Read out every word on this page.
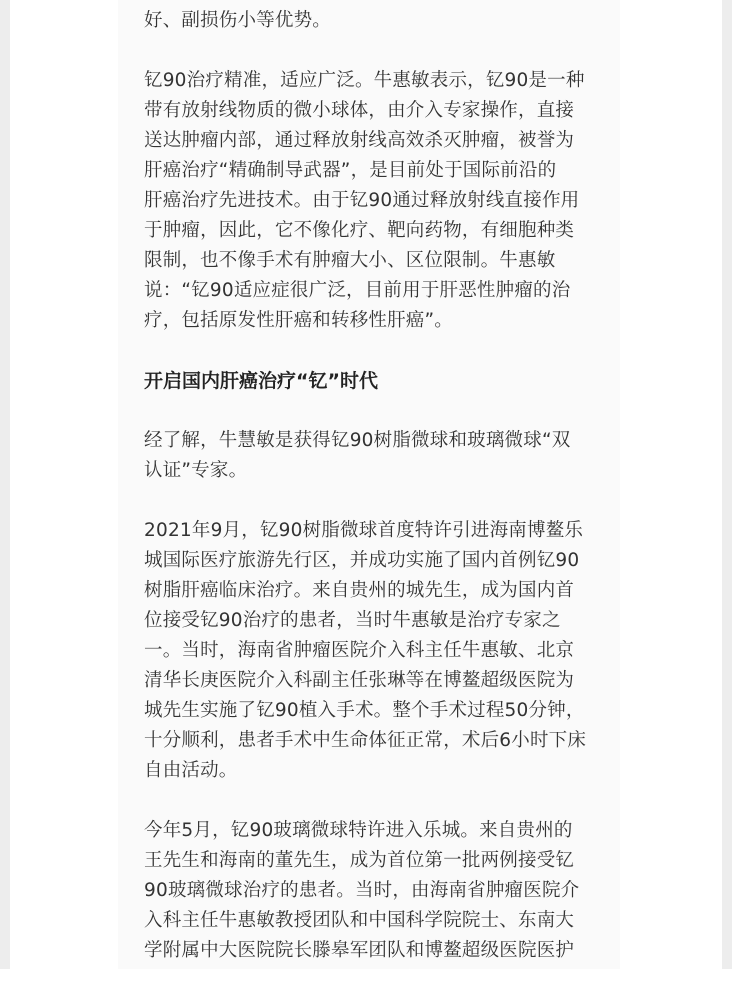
好、副损伤小等优势。

钇90治疗精准，适应广泛。牛惠敏表示，钇90是一种
带有放射线物质的微小球体，由介入专家操作，直接
送达肿瘤内部，通过释放射线高效杀灭肿瘤，被誉为
肝癌治疗“精确制导武器”，是目前处于国际前沿的
肝癌治疗先进技术。由于钇90通过释放射线直接作用
于肿瘤，因此，它不像化疗、靶向药物，有细胞种类
限制，也不像手术有肿瘤大小、区位限制。牛惠敏
说：“钇90适应症很广泛，目前用于肝恶性肿瘤的治
疗，包括原发性肝癌和转移性肝癌”。

开启国内肝癌治疗“钇”时代

经了解，牛慧敏是获得钇90树脂微球和玻璃微球“双
认证”专家。

2021年9月，钇90树脂微球首度特许引进海南博鳌乐
城国际医疗旅游先行区，并成功实施了国内首例钇90
树脂肝癌临床治疗。来自贵州的城先生，成为国内首
位接受钇90治疗的患者，当时牛惠敏是治疗专家之
一。当时，海南省肿瘤医院介入科主任牛惠敏、北京
清华长庚医院介入科副主任张琳等在博鳌超级医院为
城先生实施了钇90植入手术。整个手术过程50分钟，
十分顺利，患者手术中生命体征正常，术后6小时下床
自由活动。

今年5月，钇90玻璃微球特许进入乐城。来自贵州的
王先生和海南的董先生，成为首位第一批两例接受钇
90玻璃微球治疗的患者。当时，由海南省肿瘤医院介
入科主任牛惠敏教授团队和中国科学院院士、东南大
学附属中大医院院长滕皋军团队和博鳌超级医院医护
